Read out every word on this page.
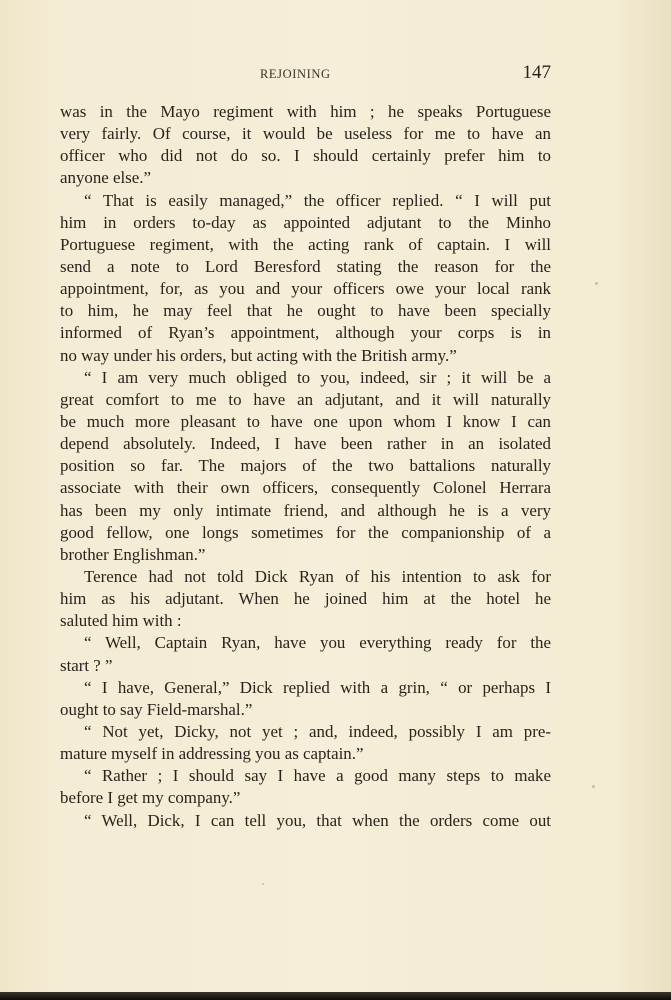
REJOINING	147
was in the Mayo regiment with him ; he speaks Portuguese
very fairly. Of course, it would be useless for me to have an
officer who did not do so. I should certainly prefer him to
anyone else.”
“ That is easily managed,” the officer replied. “ I will put
him in orders to-day as appointed adjutant to the Minho
Portuguese regiment, with the acting rank of captain. I will
send a note to Lord Beresford stating the reason for the
appointment, for, as you and your officers owe your local rank
to him, he may feel that he ought to have been specially
informed of Ryan’s appointment, although your corps is in
no way under his orders, but acting with the British army.”
“ I am very much obliged to you, indeed, sir ; it will be a
great comfort to me to have an adjutant, and it will naturally
be much more pleasant to have one upon whom I know I can
depend absolutely. Indeed, I have been rather in an isolated
position so far. The majors of the two battalions naturally
associate with their own officers, consequently Colonel Herrara
has been my only intimate friend, and although he is a very
good fellow, one longs sometimes for the companionship of a
brother Englishman.”
Terence had not told Dick Ryan of his intention to ask for
him as his adjutant. When he joined him at the hotel he
saluted him with :
“ Well, Captain Ryan, have you everything ready for the
start ? ”
“ I have, General,” Dick replied with a grin, “ or perhaps I
ought to say Field-marshal.”
“ Not yet, Dicky, not yet ; and, indeed, possibly I am pre-
mature myself in addressing you as captain.”
“ Rather ; I should say I have a good many steps to make
before I get my company.”
“ Well, Dick, I can tell you, that when the orders come out
